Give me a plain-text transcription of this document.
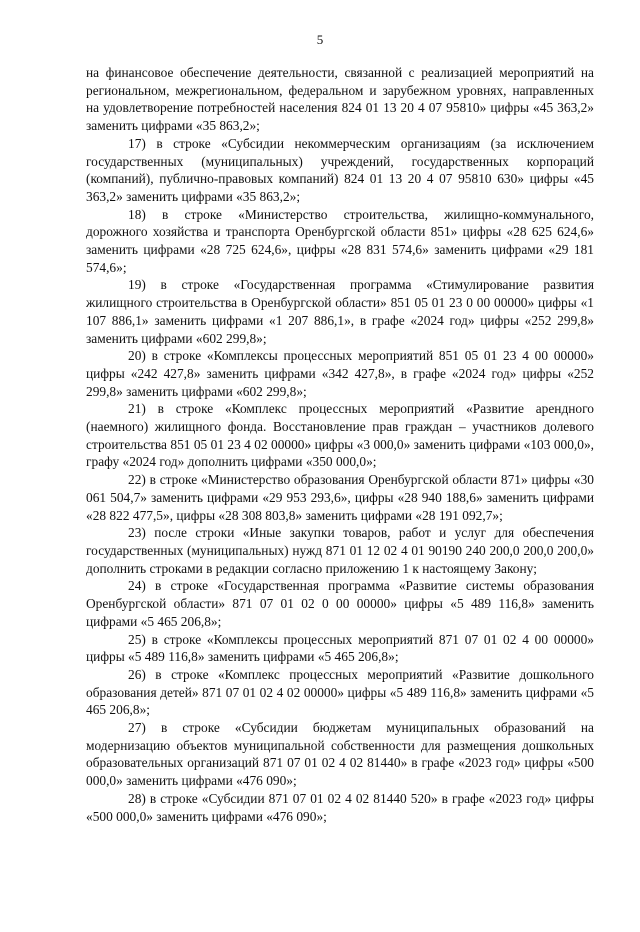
5

на финансовое обеспечение деятельности, связанной с реализацией мероприятий на региональном, межрегиональном, федеральном и зарубежном уровнях, направленных на удовлетворение потребностей населения 824 01 13 20 4 07 95810» цифры «45 363,2» заменить цифрами «35 863,2»;

17) в строке «Субсидии некоммерческим организациям (за исключением государственных (муниципальных) учреждений, государственных корпораций (компаний), публично-правовых компаний) 824 01 13 20 4 07 95810 630» цифры «45 363,2» заменить цифрами «35 863,2»;

18) в строке «Министерство строительства, жилищно-коммунального, дорожного хозяйства и транспорта Оренбургской области 851» цифры «28 625 624,6» заменить цифрами «28 725 624,6», цифры «28 831 574,6» заменить цифрами «29 181 574,6»;

19) в строке «Государственная программа «Стимулирование развития жилищного строительства в Оренбургской области» 851 05 01 23 0 00 00000» цифры «1 107 886,1» заменить цифрами «1 207 886,1», в графе «2024 год» цифры «252 299,8» заменить цифрами «602 299,8»;

20) в строке «Комплексы процессных мероприятий 851 05 01 23 4 00 00000» цифры «242 427,8» заменить цифрами «342 427,8», в графе «2024 год» цифры «252 299,8» заменить цифрами «602 299,8»;

21) в строке «Комплекс процессных мероприятий «Развитие арендного (наемного) жилищного фонда. Восстановление прав граждан – участников долевого строительства 851 05 01 23 4 02 00000» цифры «3 000,0» заменить цифрами «103 000,0», графу «2024 год» дополнить цифрами «350 000,0»;

22) в строке «Министерство образования Оренбургской области 871» цифры «30 061 504,7» заменить цифрами «29 953 293,6», цифры «28 940 188,6» заменить цифрами «28 822 477,5», цифры «28 308 803,8» заменить цифрами «28 191 092,7»;

23) после строки «Иные закупки товаров, работ и услуг для обеспечения государственных (муниципальных) нужд 871 01 12 02 4 01 90190 240 200,0 200,0 200,0» дополнить строками в редакции согласно приложению 1 к настоящему Закону;

24) в строке «Государственная программа «Развитие системы образования Оренбургской области» 871 07 01 02 0 00 00000» цифры «5 489 116,8» заменить цифрами «5 465 206,8»;

25) в строке «Комплексы процессных мероприятий 871 07 01 02 4 00 00000» цифры «5 489 116,8» заменить цифрами «5 465 206,8»;

26) в строке «Комплекс процессных мероприятий «Развитие дошкольного образования детей» 871 07 01 02 4 02 00000» цифры «5 489 116,8» заменить цифрами «5 465 206,8»;

27) в строке «Субсидии бюджетам муниципальных образований на модернизацию объектов муниципальной собственности для размещения дошкольных образовательных организаций 871 07 01 02 4 02 81440» в графе «2023 год» цифры «500 000,0» заменить цифрами «476 090»;

28) в строке «Субсидии 871 07 01 02 4 02 81440 520» в графе «2023 год» цифры «500 000,0» заменить цифрами «476 090»;
